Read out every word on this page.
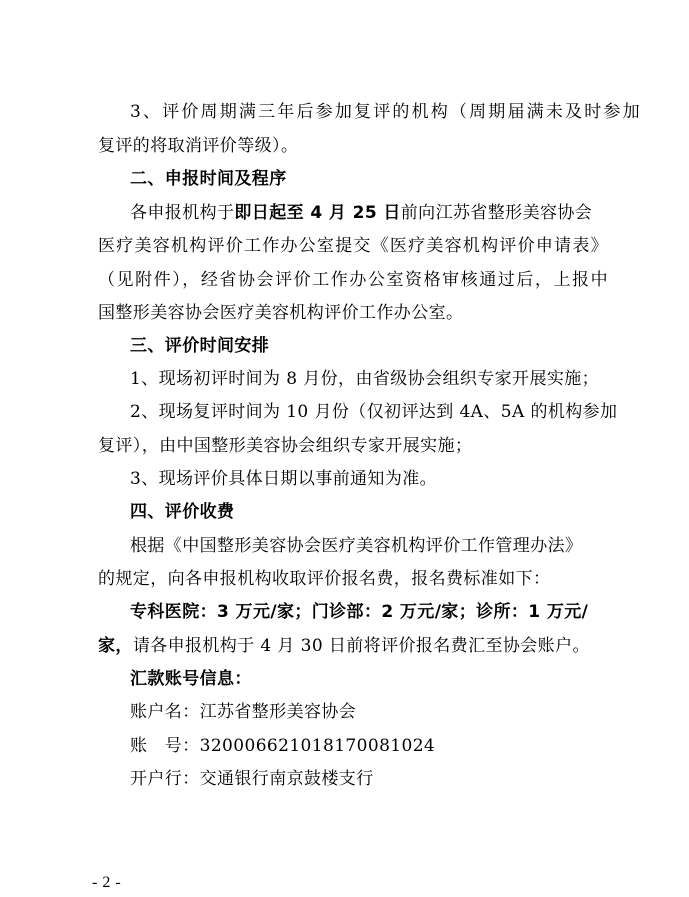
3、评价周期满三年后参加复评的机构（周期届满未及时参加
复评的将取消评价等级）。
二、申报时间及程序
各申报机构于即日起至 4 月 25 日前向江苏省整形美容协会
医疗美容机构评价工作办公室提交《医疗美容机构评价申请表》
（见附件），经省协会评价工作办公室资格审核通过后，上报中
国整形美容协会医疗美容机构评价工作办公室。
三、评价时间安排
1、现场初评时间为 8 月份，由省级协会组织专家开展实施；
2、现场复评时间为 10 月份（仅初评达到 4A、5A 的机构参加
复评），由中国整形美容协会组织专家开展实施；
3、现场评价具体日期以事前通知为准。
四、评价收费
根据《中国整形美容协会医疗美容机构评价工作管理办法》
的规定，向各申报机构收取评价报名费，报名费标准如下：
专科医院：3 万元/家；门诊部：2 万元/家；诊所：1 万元/
家，请各申报机构于 4 月 30 日前将评价报名费汇至协会账户。
汇款账号信息：
账户名：江苏省整形美容协会
账　号：320006621018170081024
开户行：交通银行南京鼓楼支行
- 2 -
